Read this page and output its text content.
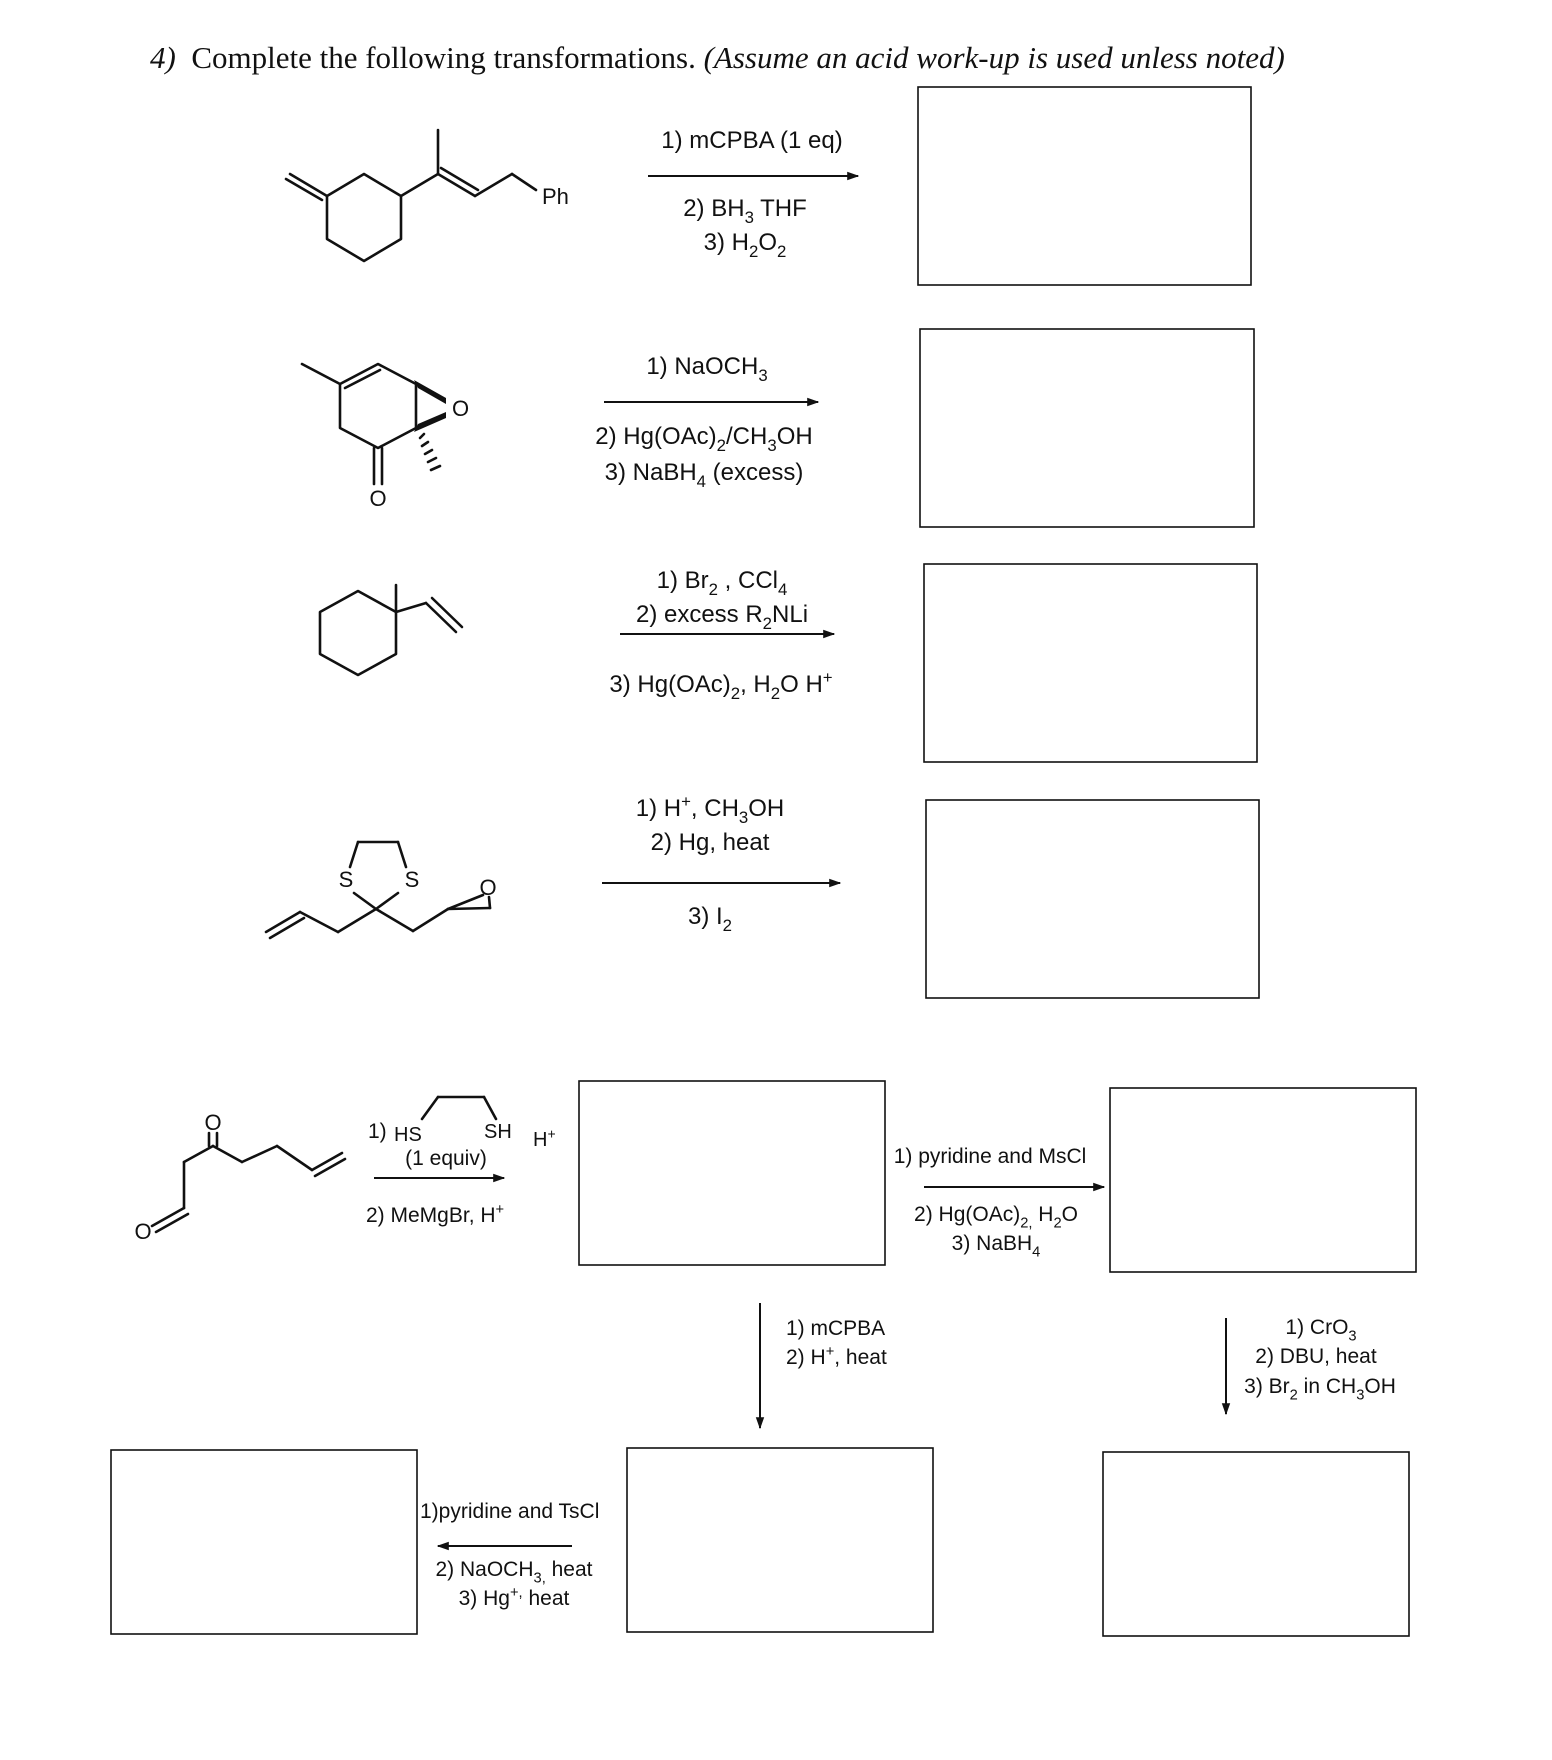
4) Complete the following transformations. (Assume an acid work-up is used unless noted)
Ph
1) mCPBA (1 eq)
2) $BH_3$ THF
3) $H_2O_2$
O
O
1) NaOCH$_3$
2) $Hg(OAc)_2/CH_3OH$
3) NaBH$_4$ (excess)
1) $Br_2$ , CCl$_4$
2) excess $R_2NLi$
3) $Hg(OAc)_2$, $H_2O$ H+
O
S S
1) H+, $CH_3OH$
2) Hg, heat
3) $I_2$
O
O	1) HS	SH H+
(1 equiv)
2) MeMgBr, H+
1) pyridine and MsCl
2) $Hg(OAc)_{2,}$ $H_2O$
3) NaBH$_4$
1) mCPBA
2) H+, heat
1) CrO$_3$
2) DBU, heat
3) $Br_2$ in $CH_3OH$
1)pyridine and TsCl
2) NaOCH$_{3,}$ heat
3) Hg+, heat
